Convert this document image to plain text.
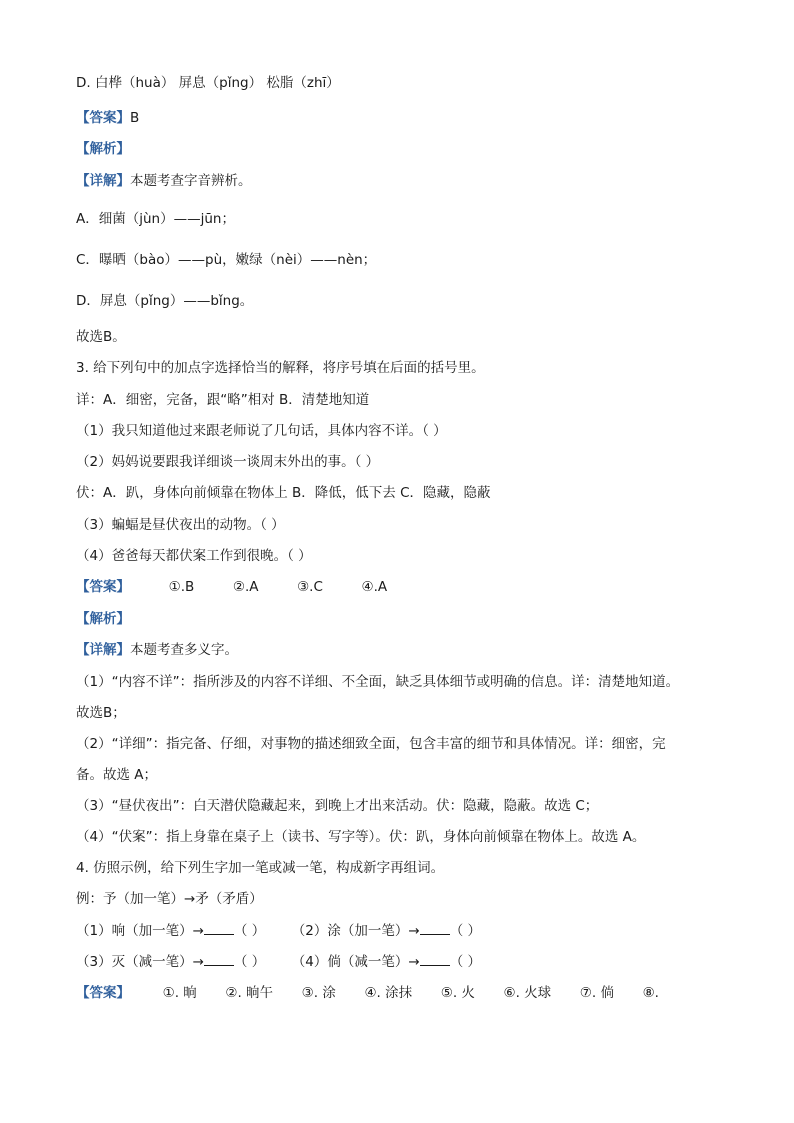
D. 白桦（huà） 屏息（pǐng） 松脂（zhī）
【答案】B
【解析】
【详解】本题考查字音辨析。
A．细菌（jùn）——jūn；
C．曝晒（bào）——pù，嫩绿（nèi）——nèn；
D．屏息（pǐng）——bǐng。
故选B。
3. 给下列句中的加点字选择恰当的解释，将序号填在后面的括号里。
详：A．细密，完备，跟“略”相对 B．清楚地知道
（1）我只知道他过来跟老师说了几句话，具体内容不详。（ ）
（2）妈妈说要跟我详细谈一谈周末外出的事。（ ）
伏：A．趴，身体向前倾靠在物体上 B．降低，低下去 C．隐藏，隐蔽
（3）蝙蝠是昼伏夜出的动物。（ ）
（4）爸爸每天都伏案工作到很晚。（ ）
【答案】	①.B	②.A	③.C	④.A
【解析】
【详解】本题考查多义字。
（1）“内容不详”：指所涉及的内容不详细、不全面，缺乏具体细节或明确的信息。详：清楚地知道。
故选B；
（2）“详细”：指完备、仔细，对事物的描述细致全面，包含丰富的细节和具体情况。详：细密，完
备。故选 A；
（3）“昼伏夜出”：白天潜伏隐藏起来，到晚上才出来活动。伏：隐藏，隐蔽。故选 C；
（4）“伏案”：指上身靠在桌子上（读书、写字等）。伏：趴，身体向前倾靠在物体上。故选 A。
4. 仿照示例，给下列生字加一笔或减一笔，构成新字再组词。
例：予（加一笔）→矛（矛盾）
（1）响（加一笔）→ （ ） （2）涂（加一笔）→ （ ）
（3）灭（减一笔）→ （ ） （4）倘（减一笔）→ （ ）
【答案】 ①. 晌 ②. 晌午 ③. 涂 ④. 涂抹 ⑤. 火 ⑥. 火球 ⑦. 倘 ⑧.
